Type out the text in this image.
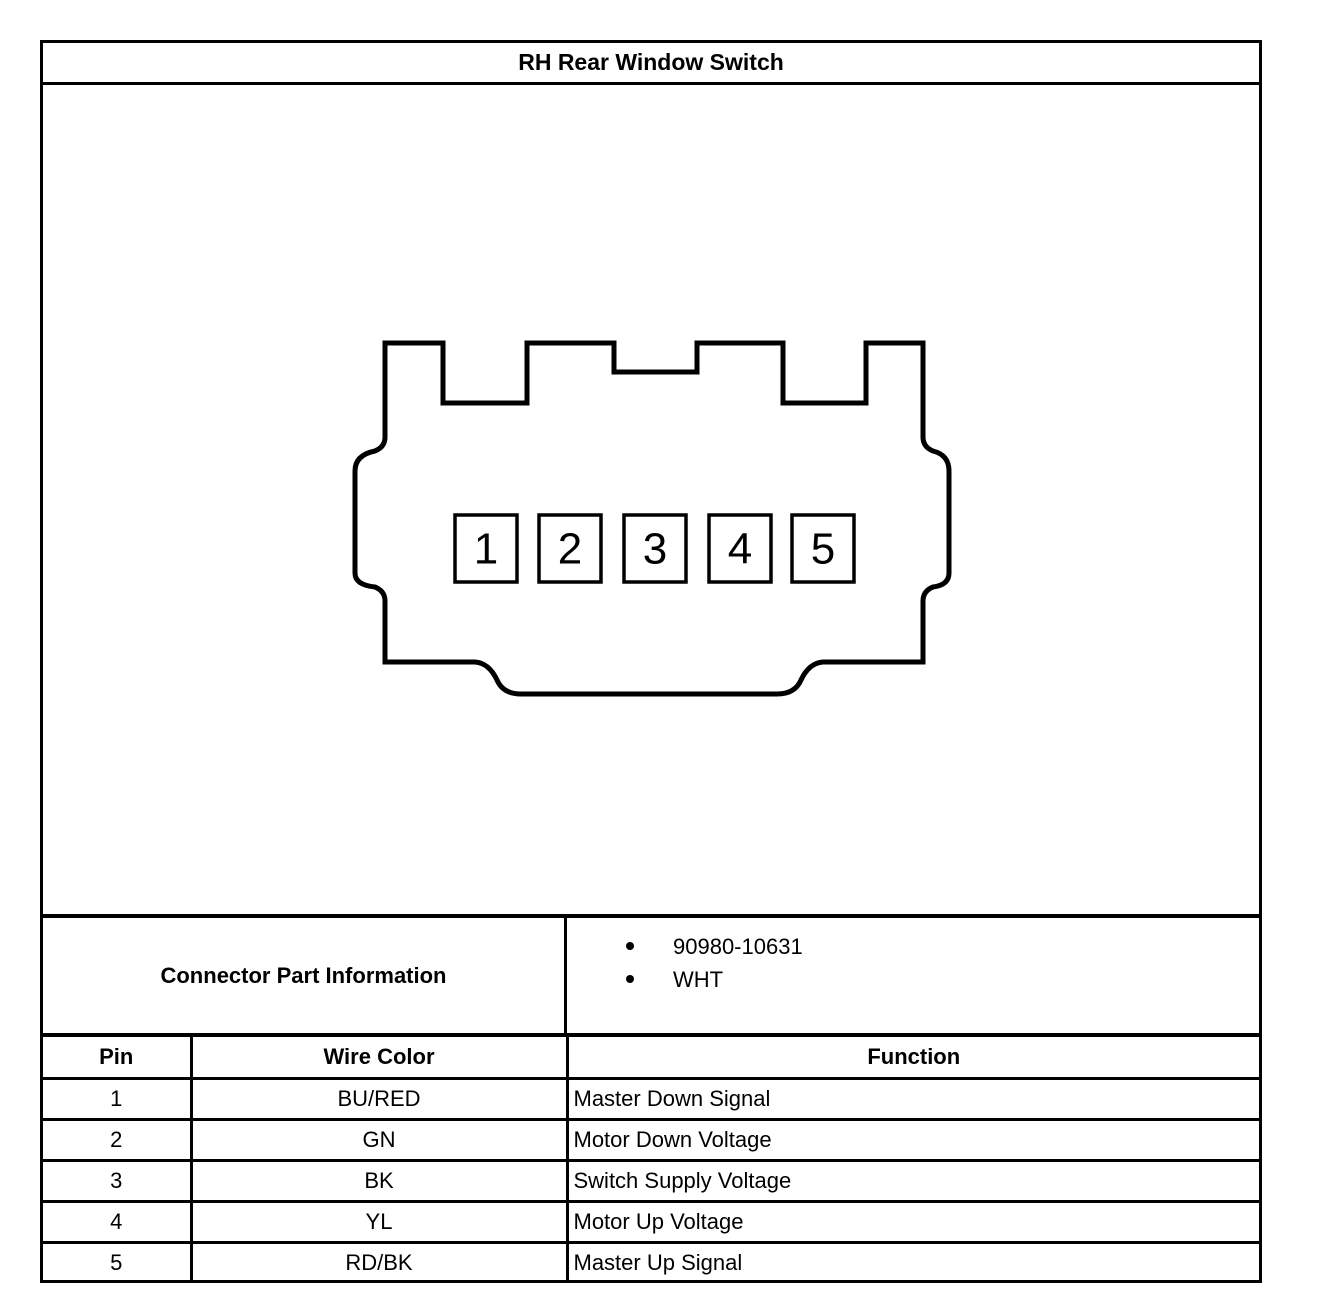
RH Rear Window Switch
1 2 3 4 5
Connector Part Information
90980-10631
WHT
Pin	Wire Color	Function
1	BU/RED	Master Down Signal
2	GN	Motor Down Voltage
3	BK	Switch Supply Voltage
4	YL	Motor Up Voltage
5	RD/BK	Master Up Signal
